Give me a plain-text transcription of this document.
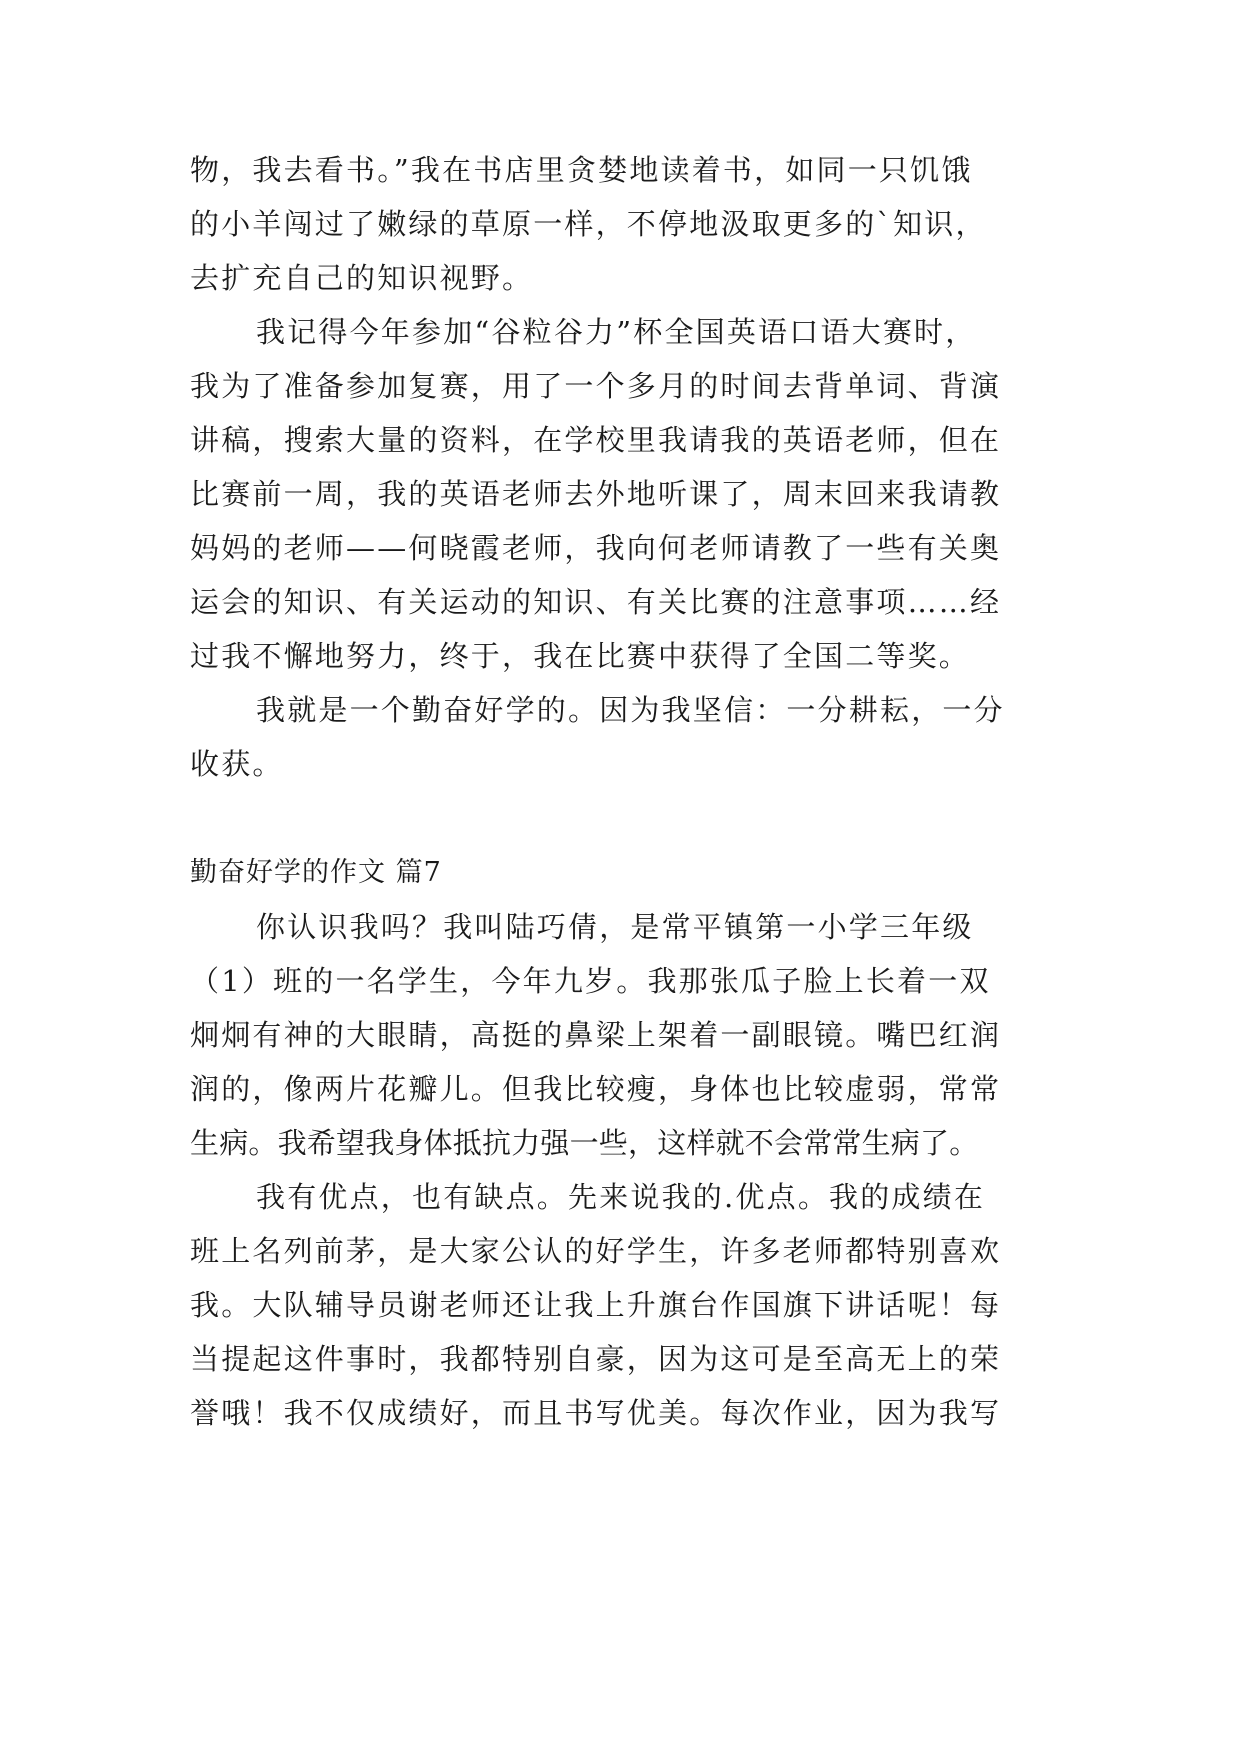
物，我去看书。”我在书店里贪婪地读着书，如同一只饥饿
的小羊闯过了嫩绿的草原一样，不停地汲取更多的`知识，
去扩充自己的知识视野。
我记得今年参加“谷粒谷力”杯全国英语口语大赛时，
我为了准备参加复赛，用了一个多月的时间去背单词、背演
讲稿，搜索大量的资料，在学校里我请我的英语老师，但在
比赛前一周，我的英语老师去外地听课了，周末回来我请教
妈妈的老师——何晓霞老师，我向何老师请教了一些有关奥
运会的知识、有关运动的知识、有关比赛的注意事项……经
过我不懈地努力，终于，我在比赛中获得了全国二等奖。
我就是一个勤奋好学的。因为我坚信：一分耕耘，一分
收获。
勤奋好学的作文 篇7
你认识我吗？我叫陆巧倩，是常平镇第一小学三年级
（1）班的一名学生，今年九岁。我那张瓜子脸上长着一双
炯炯有神的大眼睛，高挺的鼻梁上架着一副眼镜。嘴巴红润
润的，像两片花瓣儿。但我比较瘦，身体也比较虚弱，常常
生病。我希望我身体抵抗力强一些，这样就不会常常生病了。
我有优点，也有缺点。先来说我的.优点。我的成绩在
班上名列前茅，是大家公认的好学生，许多老师都特别喜欢
我。大队辅导员谢老师还让我上升旗台作国旗下讲话呢！每
当提起这件事时，我都特别自豪，因为这可是至高无上的荣
誉哦！我不仅成绩好，而且书写优美。每次作业，因为我写
